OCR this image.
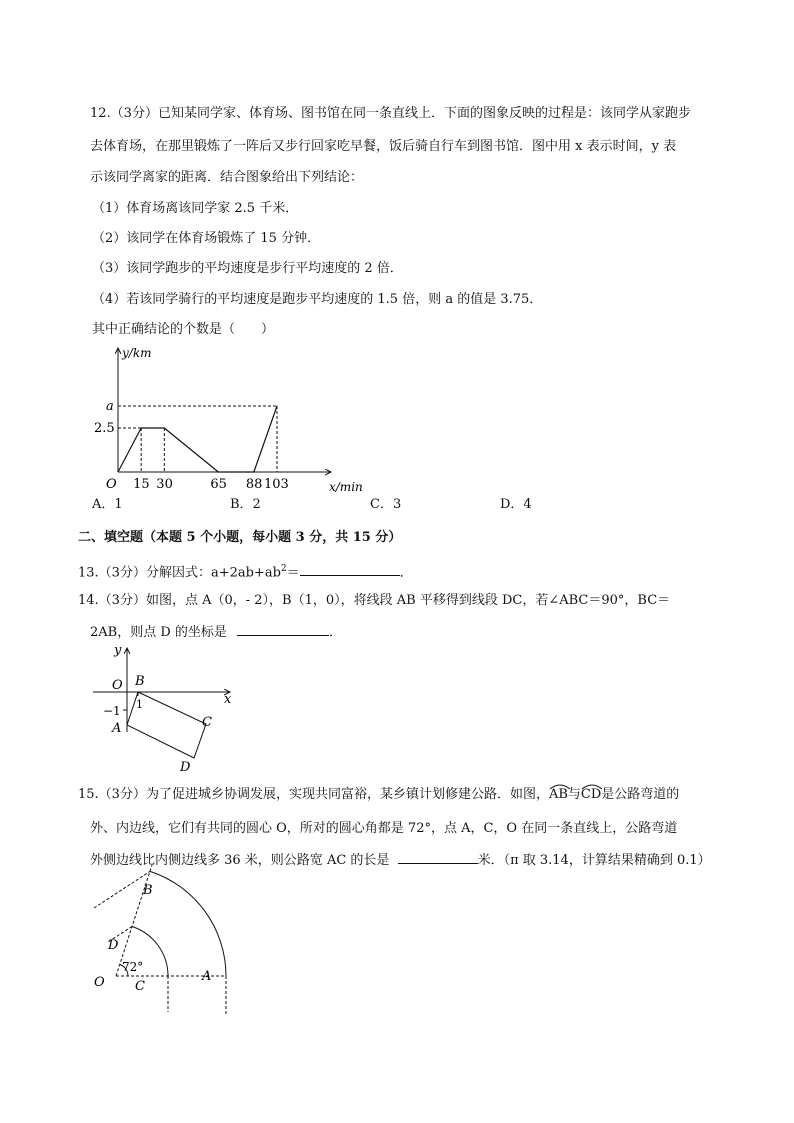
12.（3分）已知某同学家、体育场、图书馆在同一条直线上．下面的图象反映的过程是：该同学从家跑步
去体育场，在那里锻炼了一阵后又步行回家吃早餐，饭后骑自行车到图书馆．图中用 x 表示时间，y 表
示该同学离家的距离．结合图象给出下列结论：
（1）体育场离该同学家 2.5 千米．
（2）该同学在体育场锻炼了 15 分钟．
（3）该同学跑步的平均速度是步行平均速度的 2 倍．
（4）若该同学骑行的平均速度是跑步平均速度的 1.5 倍，则 a 的值是 3.75．
其中正确结论的个数是（　　）
y/km
a
2.5
O 15 30	65 88 103	x/min
A．1	B．2	C．3	D．4
二、填空题（本题 5 个小题，每小题 3 分，共 15 分）
13.（3分）分解因式：$a+2ab+ab^2=$	．
14.（3分）如图，点 A（0，- 2），B（1，0），将线段 AB 平移得到线段 DC，若∠ABC＝90°，BC＝
2AB，则点 D 的坐标是	．
y
x
O B
1
−1
A	C
D
15.（3分）为了促进城乡协调发展，实现共同富裕，某乡镇计划修建公路．如图，
AB与
CD是公路弯道的
外、内边线，它们有共同的圆心 O，所对的圆心角都是 72°，点 A，C，O 在同一条直线上，公路弯道
外侧边线比内侧边线多 36 米，则公路宽 AC 的长是	米．（π 取 3.14，计算结果精确到 0.1）
B
D
72°
O C
A
